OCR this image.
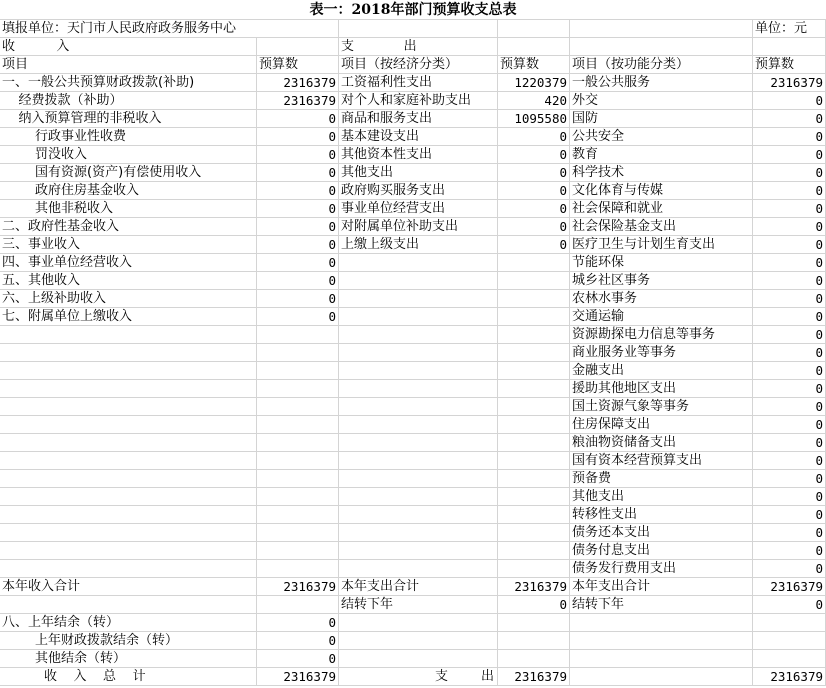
表一：2018年部门预算收支总表
填报单位：天门市人民政府政务服务中心	单位：元
收          入	支            出
项目	预算数	项目（按经济分类）	预算数	项目（按功能分类）	预算数
一、一般公共预算财政拨款(补助)	2316379 工资福利性支出	1220379 一般公共服务	2316379
经费拨款（补助）	2316379 对个人和家庭补助支出	420 外交	0
纳入预算管理的非税收入	0 商品和服务支出	1095580 国防	0
行政事业性收费	0 基本建设支出	0 公共安全	0
罚没收入	0 其他资本性支出	0 教育	0
国有资源(资产)有偿使用收入	0 其他支出	0 科学技术	0
政府住房基金收入	0 政府购买服务支出	0 文化体育与传媒	0
其他非税收入	0 事业单位经营支出	0 社会保障和就业	0
二、政府性基金收入	0 对附属单位补助支出	0 社会保险基金支出	0
三、事业收入	0 上缴上级支出	0 医疗卫生与计划生育支出	0
四、事业单位经营收入	0	节能环保	0
五、其他收入	0	城乡社区事务	0
六、上级补助收入	0	农林水事务	0
七、附属单位上缴收入	0	交通运输	0
资源勘探电力信息等事务	0
商业服务业等事务	0
金融支出	0
援助其他地区支出	0
国土资源气象等事务	0
住房保障支出	0
粮油物资储备支出	0
国有资本经营预算支出	0
预备费	0
其他支出	0
转移性支出	0
债务还本支出	0
债务付息支出	0
债务发行费用支出	0
本年收入合计	2316379 本年支出合计	2316379 本年支出合计	2316379
结转下年	0 结转下年	0
八、上年结余（转）	0
上年财政拨款结余（转）	0
其他结余（转）	0
收    入    总    计	2316379	支        出	2316379	2316379
